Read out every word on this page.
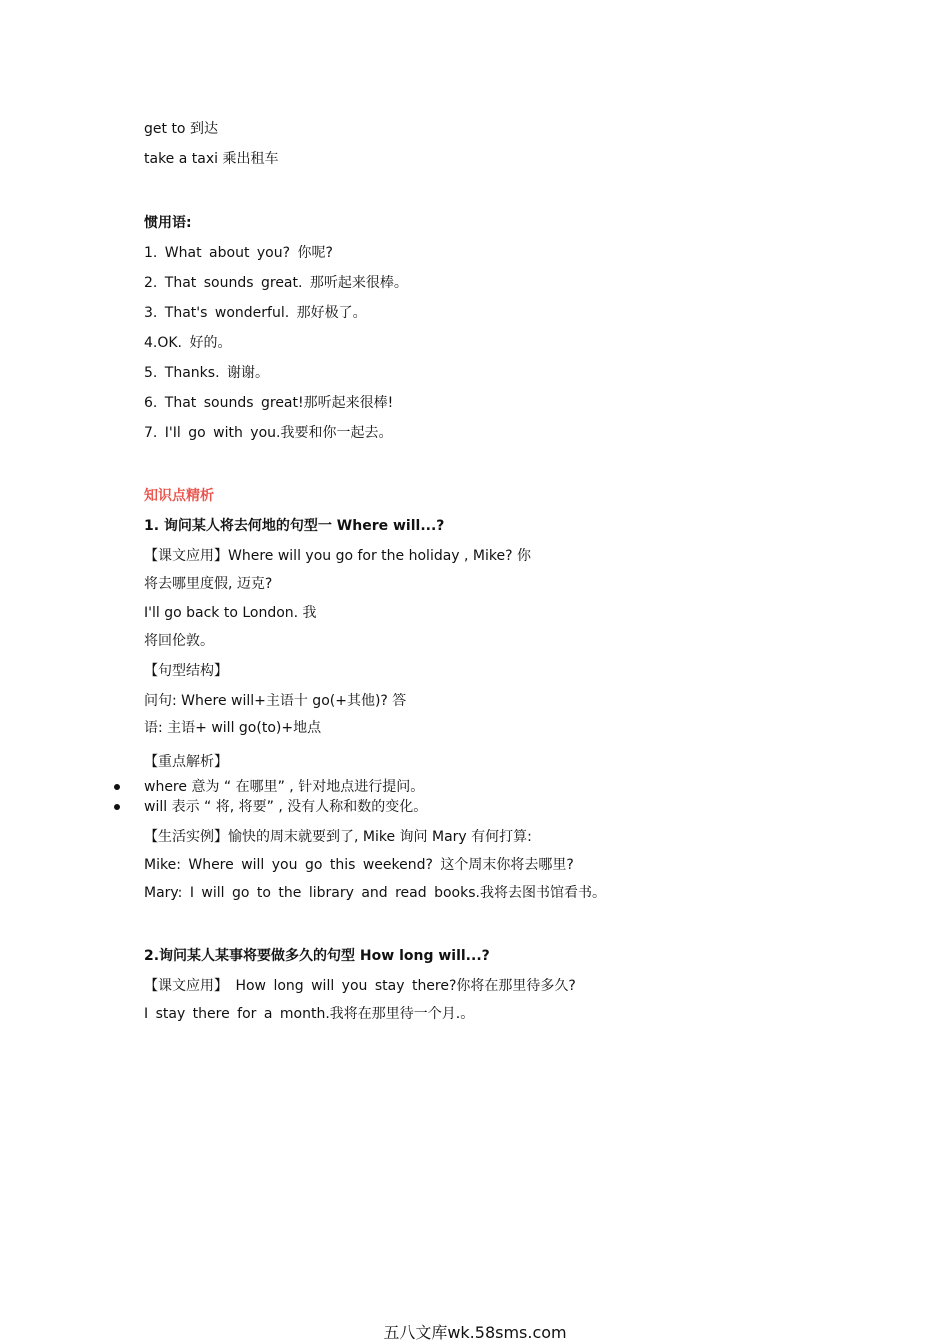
get to 到达
take a taxi 乘出租车
惯用语:
1. What about you? 你呢?
2. That sounds great. 那听起来很棒。
3. That's wonderful. 那好极了。
4.OK. 好的。
5. Thanks. 谢谢。
6. That sounds great!那听起来很棒!
7. I'Il go with you.我要和你一起去。
知识点精析
1. 询问某人将去何地的句型一 Where will...?
【课文应用】Where will you go for the holiday , Mike? 你
将去哪里度假, 迈克?
I'll go back to London. 我
将回伦敦。
【句型结构】
问句: Where will+主语十 go(+其他)? 答
语: 主语+ will go(to)+地点
【重点解析】
where 意为 “ 在哪里” , 针对地点进行提问。
will 表示 “ 将, 将要” , 没有人称和数的变化。
【生活实例】愉快的周末就要到了, Mike 询问 Mary 有何打算:
Mike: Where will you go this weekend? 这个周末你将去哪里?
Mary: I will go to the library and read books.我将去图书馆看书。
2.询问某人某事将要做多久的句型 How long will...?
【课文应用】 How long will you stay there?你将在那里待多久?
I stay there for a month.我将在那里待一个月.。
五八文库wk.58sms.com
